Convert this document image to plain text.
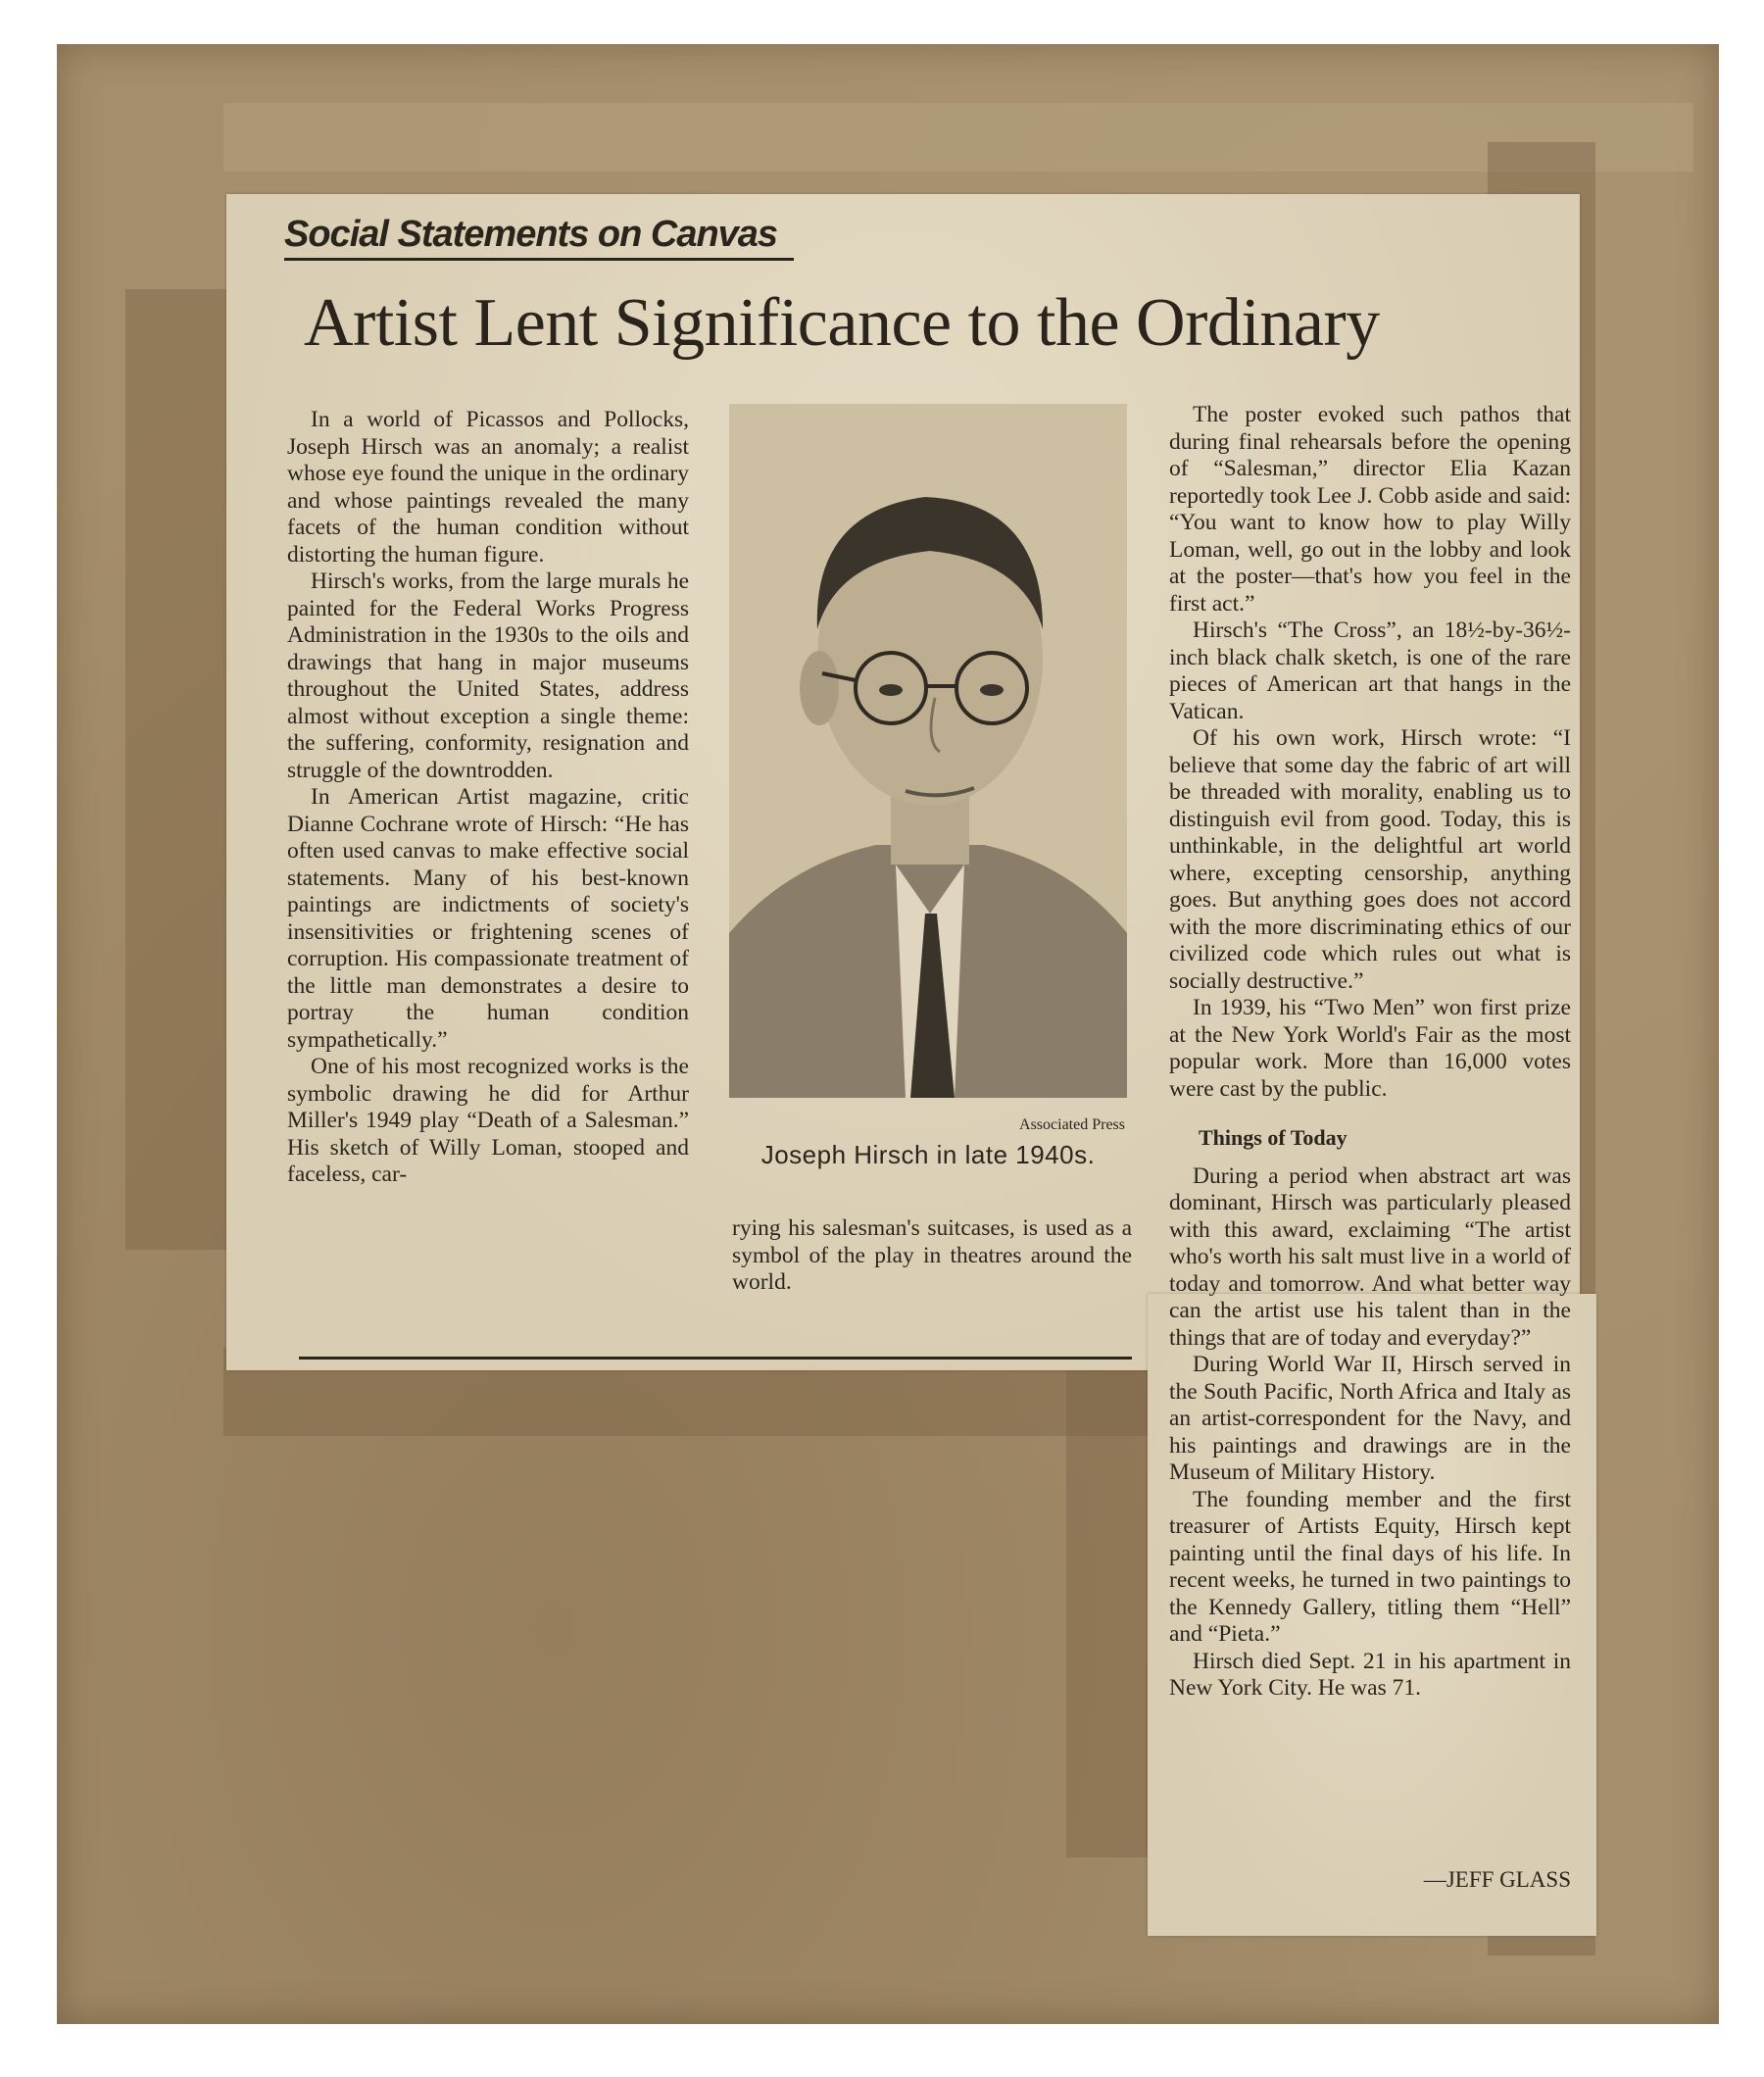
Social Statements on Canvas
Artist Lent Significance to the Ordinary

In a world of Picassos and Pollocks, Joseph Hirsch was an anomaly; a realist whose eye found the unique in the ordinary and whose paintings revealed the many facets of the human condition without distorting the human figure.

Hirsch's works, from the large murals he painted for the Federal Works Progress Administration in the 1930s to the oils and drawings that hang in major museums throughout the United States, address almost without exception a single theme: the suffering, conformity, resignation and struggle of the downtrodden.

In American Artist magazine, critic Dianne Cochrane wrote of Hirsch: “He has often used canvas to make effective social statements. Many of his best-known paintings are indictments of society's insensitivities or frightening scenes of corruption. His compassionate treatment of the little man demonstrates a desire to portray the human condition sympathetically.”

One of his most recognized works is the symbolic drawing he did for Arthur Miller's 1949 play “Death of a Salesman.” His sketch of Willy Loman, stooped and faceless, car-

Associated Press
Joseph Hirsch in late 1940s.

rying his salesman's suitcases, is used as a symbol of the play in theatres around the world.

The poster evoked such pathos that during final rehearsals before the opening of “Salesman,” director Elia Kazan reportedly took Lee J. Cobb aside and said: “You want to know how to play Willy Loman, well, go out in the lobby and look at the poster—that's how you feel in the first act.”

Hirsch's “The Cross”, an 18½-by-36½-inch black chalk sketch, is one of the rare pieces of American art that hangs in the Vatican.

Of his own work, Hirsch wrote: “I believe that some day the fabric of art will be threaded with morality, enabling us to distinguish evil from good. Today, this is unthinkable, in the delightful art world where, excepting censorship, anything goes. But anything goes does not accord with the more discriminating ethics of our civilized code which rules out what is socially destructive.”

In 1939, his “Two Men” won first prize at the New York World's Fair as the most popular work. More than 16,000 votes were cast by the public.

Things of Today

During a period when abstract art was dominant, Hirsch was particularly pleased with this award, exclaiming “The artist who's worth his salt must live in a world of today and tomorrow. And what better way can the artist use his talent than in the things that are of today and everyday?”

During World War II, Hirsch served in the South Pacific, North Africa and Italy as an artist-correspondent for the Navy, and his paintings and drawings are in the Museum of Military History.

The founding member and the first treasurer of Artists Equity, Hirsch kept painting until the final days of his life. In recent weeks, he turned in two paintings to the Kennedy Gallery, titling them “Hell” and “Pieta.”

Hirsch died Sept. 21 in his apartment in New York City. He was 71.

—JEFF GLASS
